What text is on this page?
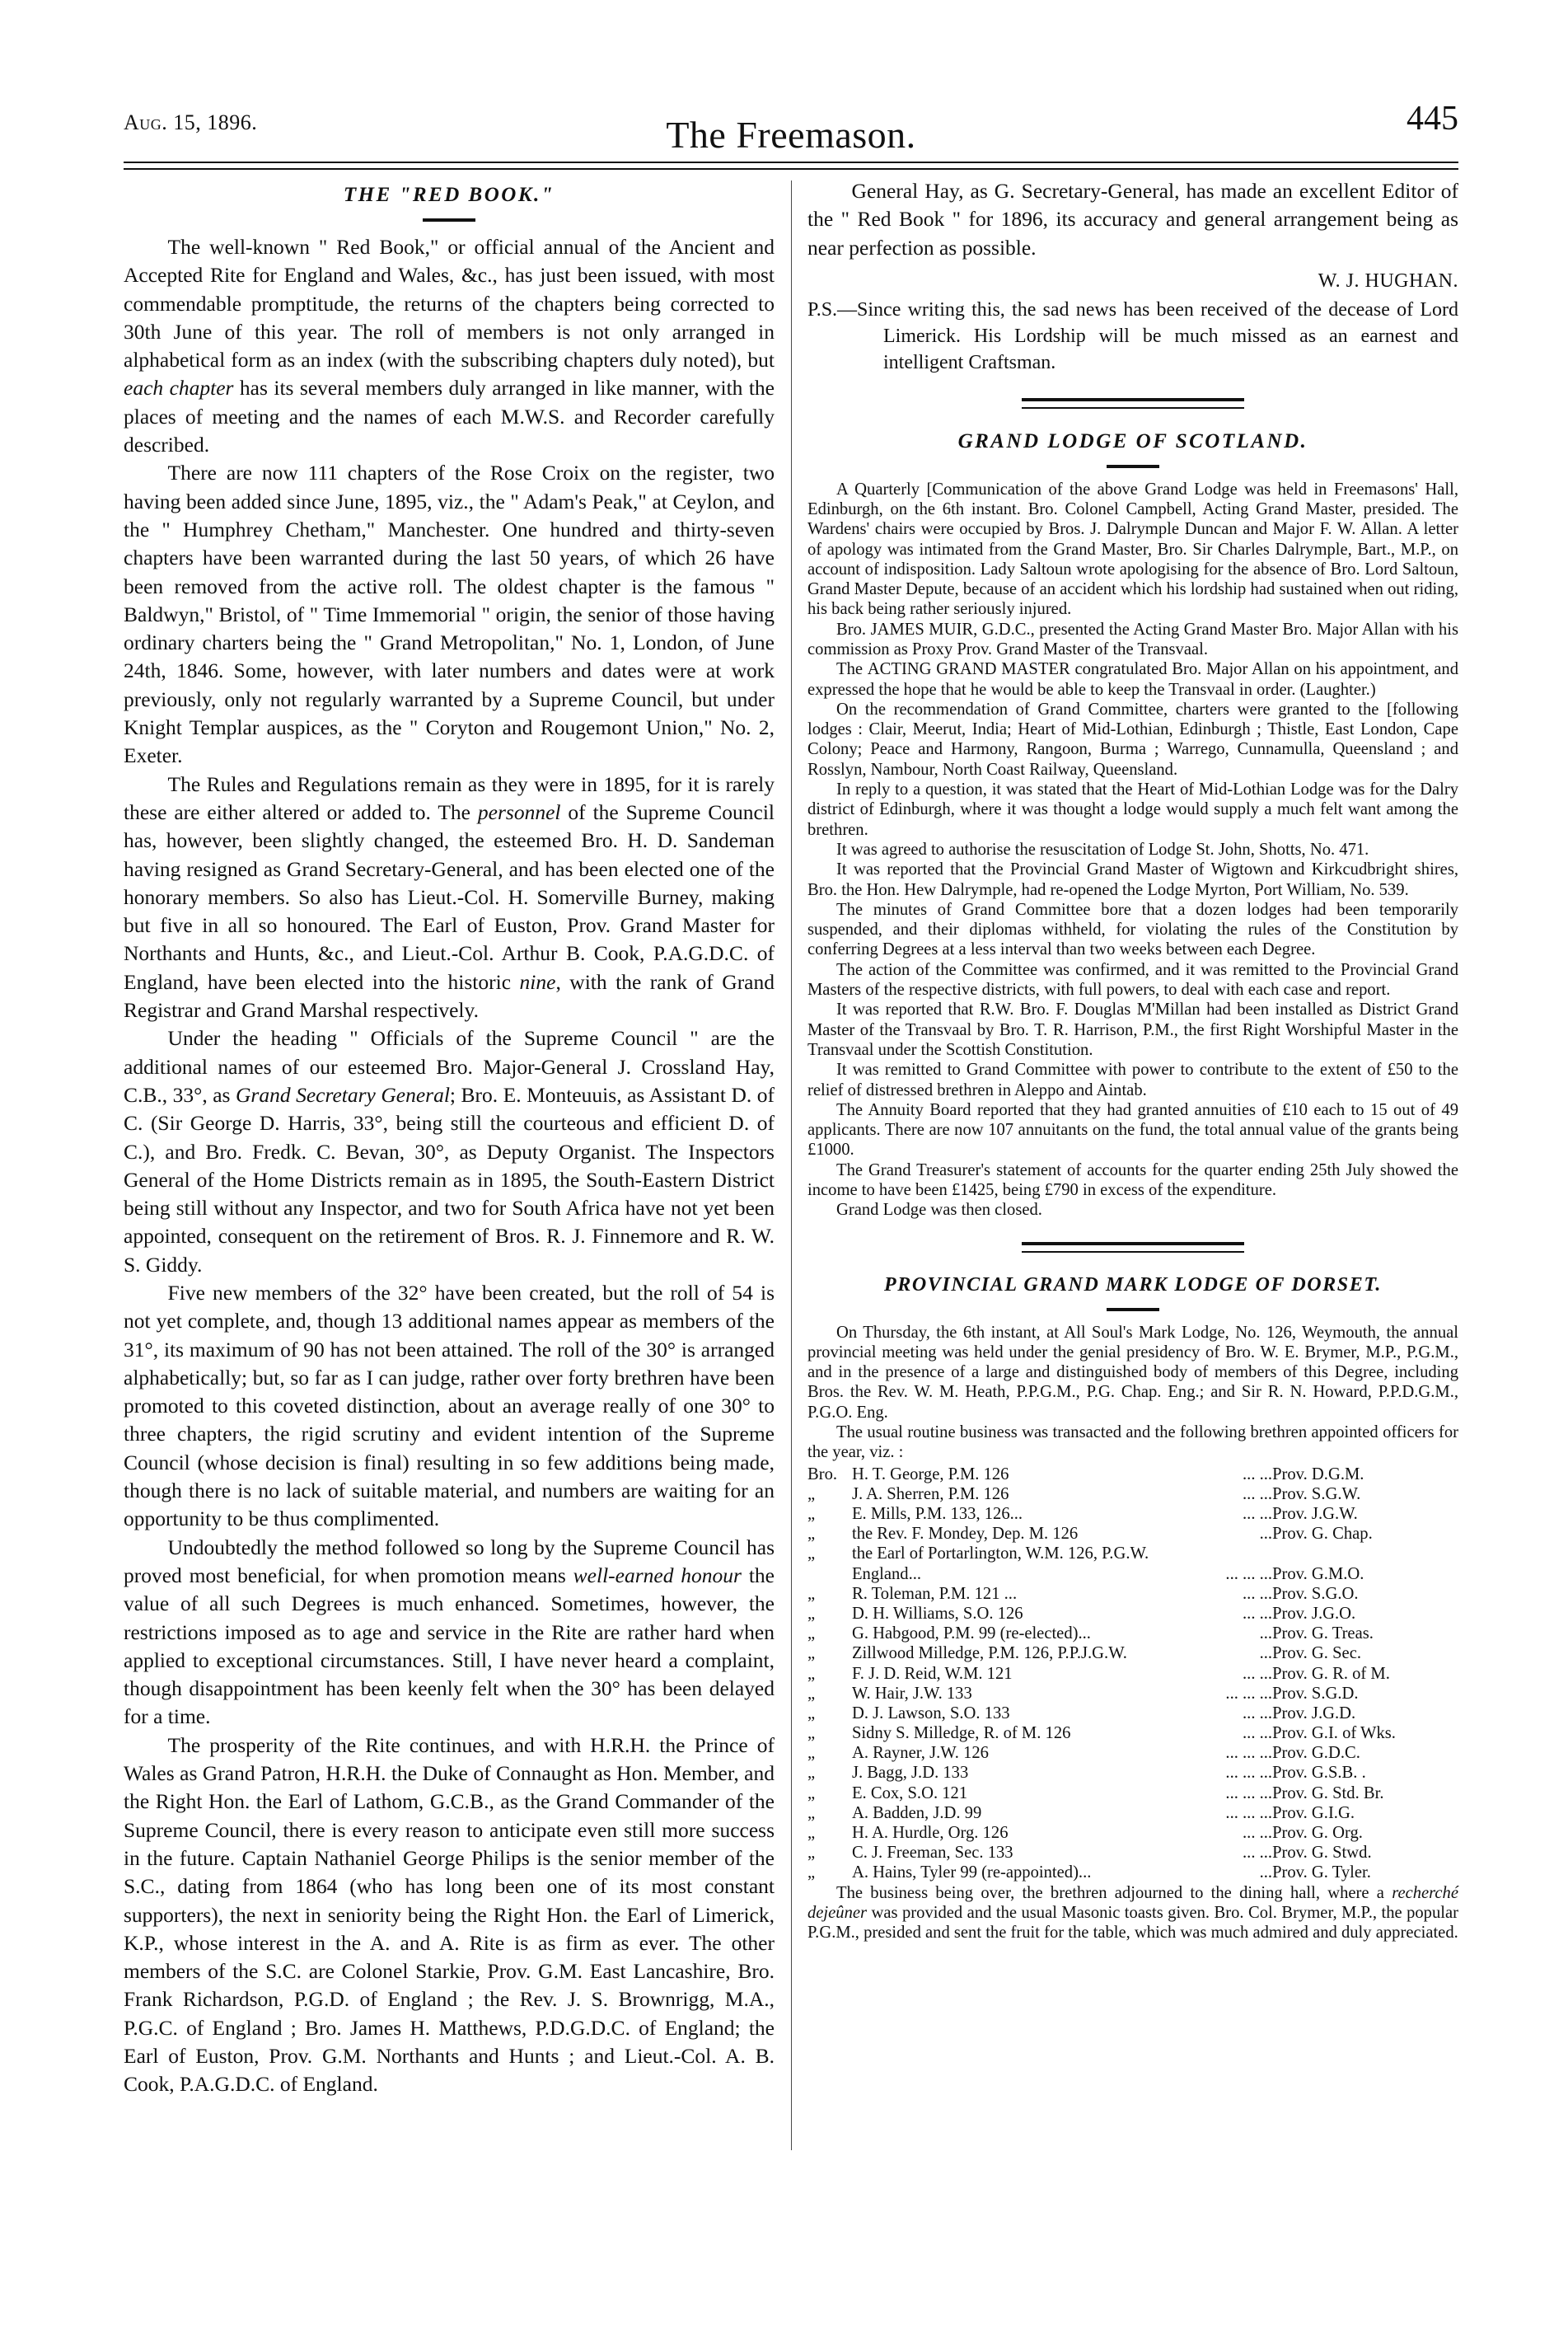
Aug. 15, 1896.	The Freemason.	445
THE "RED BOOK."

The well-known " Red Book," or official annual of the Ancient and Accepted Rite for England and Wales, &c., has just been issued, with most commendable promptitude, the returns of the chapters being corrected to 30th June of this year. The roll of members is not only arranged in alphabetical form as an index (with the subscribing chapters duly noted), but each chapter has its several members duly arranged in like manner, with the places of meeting and the names of each M.W.S. and Recorder carefully described.

There are now 111 chapters of the Rose Croix on the register, two having been added since June, 1895, viz., the " Adam's Peak," at Ceylon, and the " Humphrey Chetham," Manchester. One hundred and thirty-seven chapters have been warranted during the last 50 years, of which 26 have been removed from the active roll. The oldest chapter is the famous " Baldwyn," Bristol, of " Time Immemorial " origin, the senior of those having ordinary charters being the " Grand Metropolitan," No. 1, London, of June 24th, 1846. Some, however, with later numbers and dates were at work previously, only not regularly warranted by a Supreme Council, but under Knight Templar auspices, as the " Coryton and Rougemont Union," No. 2, Exeter.

The Rules and Regulations remain as they were in 1895, for it is rarely these are either altered or added to. The personnel of the Supreme Council has, however, been slightly changed, the esteemed Bro. H. D. Sandeman having resigned as Grand Secretary-General, and has been elected one of the honorary members. So also has Lieut.-Col. H. Somerville Burney, making but five in all so honoured. The Earl of Euston, Prov. Grand Master for Northants and Hunts, &c., and Lieut.-Col. Arthur B. Cook, P.A.G.D.C. of England, have been elected into the historic nine, with the rank of Grand Registrar and Grand Marshal respectively.

Under the heading " Officials of the Supreme Council " are the additional names of our esteemed Bro. Major-General J. Crossland Hay, C.B., 33°, as Grand Secretary General; Bro. E. Monteuuis, as Assistant D. of C. (Sir George D. Harris, 33°, being still the courteous and efficient D. of C.), and Bro. Fredk. C. Bevan, 30°, as Deputy Organist. The Inspectors General of the Home Districts remain as in 1895, the South-Eastern District being still without any Inspector, and two for South Africa have not yet been appointed, consequent on the retirement of Bros. R. J. Finnemore and R. W. S. Giddy.

Five new members of the 32° have been created, but the roll of 54 is not yet complete, and, though 13 additional names appear as members of the 31°, its maximum of 90 has not been attained. The roll of the 30° is arranged alphabetically; but, so far as I can judge, rather over forty brethren have been promoted to this coveted distinction, about an average really of one 30° to three chapters, the rigid scrutiny and evident intention of the Supreme Council (whose decision is final) resulting in so few additions being made, though there is no lack of suitable material, and numbers are waiting for an opportunity to be thus complimented.

Undoubtedly the method followed so long by the Supreme Council has proved most beneficial, for when promotion means well-earned honour the value of all such Degrees is much enhanced. Sometimes, however, the restrictions imposed as to age and service in the Rite are rather hard when applied to exceptional circumstances. Still, I have never heard a complaint, though disappointment has been keenly felt when the 30° has been delayed for a time.

The prosperity of the Rite continues, and with H.R.H. the Prince of Wales as Grand Patron, H.R.H. the Duke of Connaught as Hon. Member, and the Right Hon. the Earl of Lathom, G.C.B., as the Grand Commander of the Supreme Council, there is every reason to anticipate even still more success in the future. Captain Nathaniel George Philips is the senior member of the S.C., dating from 1864 (who has long been one of its most constant supporters), the next in seniority being the Right Hon. the Earl of Limerick, K.P., whose interest in the A. and A. Rite is as firm as ever. The other members of the S.C. are Colonel Starkie, Prov. G.M. East Lancashire, Bro. Frank Richardson, P.G.D. of England ; the Rev. J. S. Brownrigg, M.A., P.G.C. of England ; Bro. James H. Matthews, P.D.G.D.C. of England; the Earl of Euston, Prov. G.M. Northants and Hunts ; and Lieut.-Col. A. B. Cook, P.A.G.D.C. of England.

General Hay, as G. Secretary-General, has made an excellent Editor of the " Red Book " for 1896, its accuracy and general arrangement being as near perfection as possible.

W. J. HUGHAN.

P.S.—Since writing this, the sad news has been received of the decease of Lord Limerick. His Lordship will be much missed as an earnest and intelligent Craftsman.

GRAND LODGE OF SCOTLAND.

A Quarterly [Communication of the above Grand Lodge was held in Freemasons' Hall, Edinburgh, on the 6th instant. Bro. Colonel Campbell, Acting Grand Master, presided. The Wardens' chairs were occupied by Bros. J. Dalrymple Duncan and Major F. W. Allan. A letter of apology was intimated from the Grand Master, Bro. Sir Charles Dalrymple, Bart., M.P., on account of indisposition. Lady Saltoun wrote apologising for the absence of Bro. Lord Saltoun, Grand Master Depute, because of an accident which his lordship had sustained when out riding, his back being rather seriously injured.

Bro. JAMES MUIR, G.D.C., presented the Acting Grand Master Bro. Major Allan with his commission as Proxy Prov. Grand Master of the Transvaal.

The ACTING GRAND MASTER congratulated Bro. Major Allan on his appointment, and expressed the hope that he would be able to keep the Transvaal in order. (Laughter.)

On the recommendation of Grand Committee, charters were granted to the [following lodges : Clair, Meerut, India; Heart of Mid-Lothian, Edinburgh ; Thistle, East London, Cape Colony; Peace and Harmony, Rangoon, Burma ; Warrego, Cunnamulla, Queensland ; and Rosslyn, Nambour, North Coast Railway, Queensland.

In reply to a question, it was stated that the Heart of Mid-Lothian Lodge was for the Dalry district of Edinburgh, where it was thought a lodge would supply a much felt want among the brethren.

It was agreed to authorise the resuscitation of Lodge St. John, Shotts, No. 471.

It was reported that the Provincial Grand Master of Wigtown and Kirkcudbright shires, Bro. the Hon. Hew Dalrymple, had re-opened the Lodge Myrton, Port William, No. 539.

The minutes of Grand Committee bore that a dozen lodges had been temporarily suspended, and their diplomas withheld, for violating the rules of the Constitution by conferring Degrees at a less interval than two weeks between each Degree.

The action of the Committee was confirmed, and it was remitted to the Provincial Grand Masters of the respective districts, with full powers, to deal with each case and report.

It was reported that R.W. Bro. F. Douglas M'Millan had been installed as District Grand Master of the Transvaal by Bro. T. R. Harrison, P.M., the first Right Worshipful Master in the Transvaal under the Scottish Constitution.

It was remitted to Grand Committee with power to contribute to the extent of £50 to the relief of distressed brethren in Aleppo and Aintab.

The Annuity Board reported that they had granted annuities of £10 each to 15 out of 49 applicants. There are now 107 annuitants on the fund, the total annual value of the grants being £1000.

The Grand Treasurer's statement of accounts for the quarter ending 25th July showed the income to have been £1425, being £790 in excess of the expenditure.

Grand Lodge was then closed.

PROVINCIAL GRAND MARK LODGE OF DORSET.

On Thursday, the 6th instant, at All Soul's Mark Lodge, No. 126, Weymouth, the annual provincial meeting was held under the genial presidency of Bro. W. E. Brymer, M.P., P.G.M., and in the presence of a large and distinguished body of members of this Degree, including Bros. the Rev. W. M. Heath, P.P.G.M., P.G. Chap. Eng.; and Sir R. N. Howard, P.P.D.G.M., P.G.O. Eng.

The usual routine business was transacted and the following brethren appointed officers for the year, viz. :

Bro.	H. T. George, P.M. 126	... ...	Prov. D.G.M.
„	J. A. Sherren, P.M. 126	... ...	Prov. S.G.W.
„	E. Mills, P.M. 133, 126...	... ...	Prov. J.G.W.
„	the Rev. F. Mondey, Dep. M. 126	...	Prov. G. Chap.
„	the Earl of Portarlington, W.M. 126, P.G.W.		
	England...	... ... ...	Prov. G.M.O.
„	R. Toleman, P.M. 121 ...	... ...	Prov. S.G.O.
„	D. H. Williams, S.O. 126	... ...	Prov. J.G.O.
„	G. Habgood, P.M. 99 (re-elected)...	...	Prov. G. Treas.
„	Zillwood Milledge, P.M. 126, P.P.J.G.W.	...	Prov. G. Sec.
„	F. J. D. Reid, W.M. 121	... ...	Prov. G. R. of M.
„	W. Hair, J.W. 133	... ... ...	Prov. S.G.D.
„	D. J. Lawson, S.O. 133	... ...	Prov. J.G.D.
„	Sidny S. Milledge, R. of M. 126	... ...	Prov. G.I. of Wks.
„	A. Rayner, J.W. 126	... ... ...	Prov. G.D.C.
„	J. Bagg, J.D. 133	... ... ...	Prov. G.S.B. .
„	E. Cox, S.O. 121	... ... ...	Prov. G. Std. Br.
„	A. Badden, J.D. 99	... ... ...	Prov. G.I.G.
„	H. A. Hurdle, Org. 126	... ...	Prov. G. Org.
„	C. J. Freeman, Sec. 133	... ...	Prov. G. Stwd.
„	A. Hains, Tyler 99 (re-appointed)...	...	Prov. G. Tyler.

The business being over, the brethren adjourned to the dining hall, where a recherché dejeûner was provided and the usual Masonic toasts given. Bro. Col. Brymer, M.P., the popular P.G.M., presided and sent the fruit for the table, which was much admired and duly appreciated.
